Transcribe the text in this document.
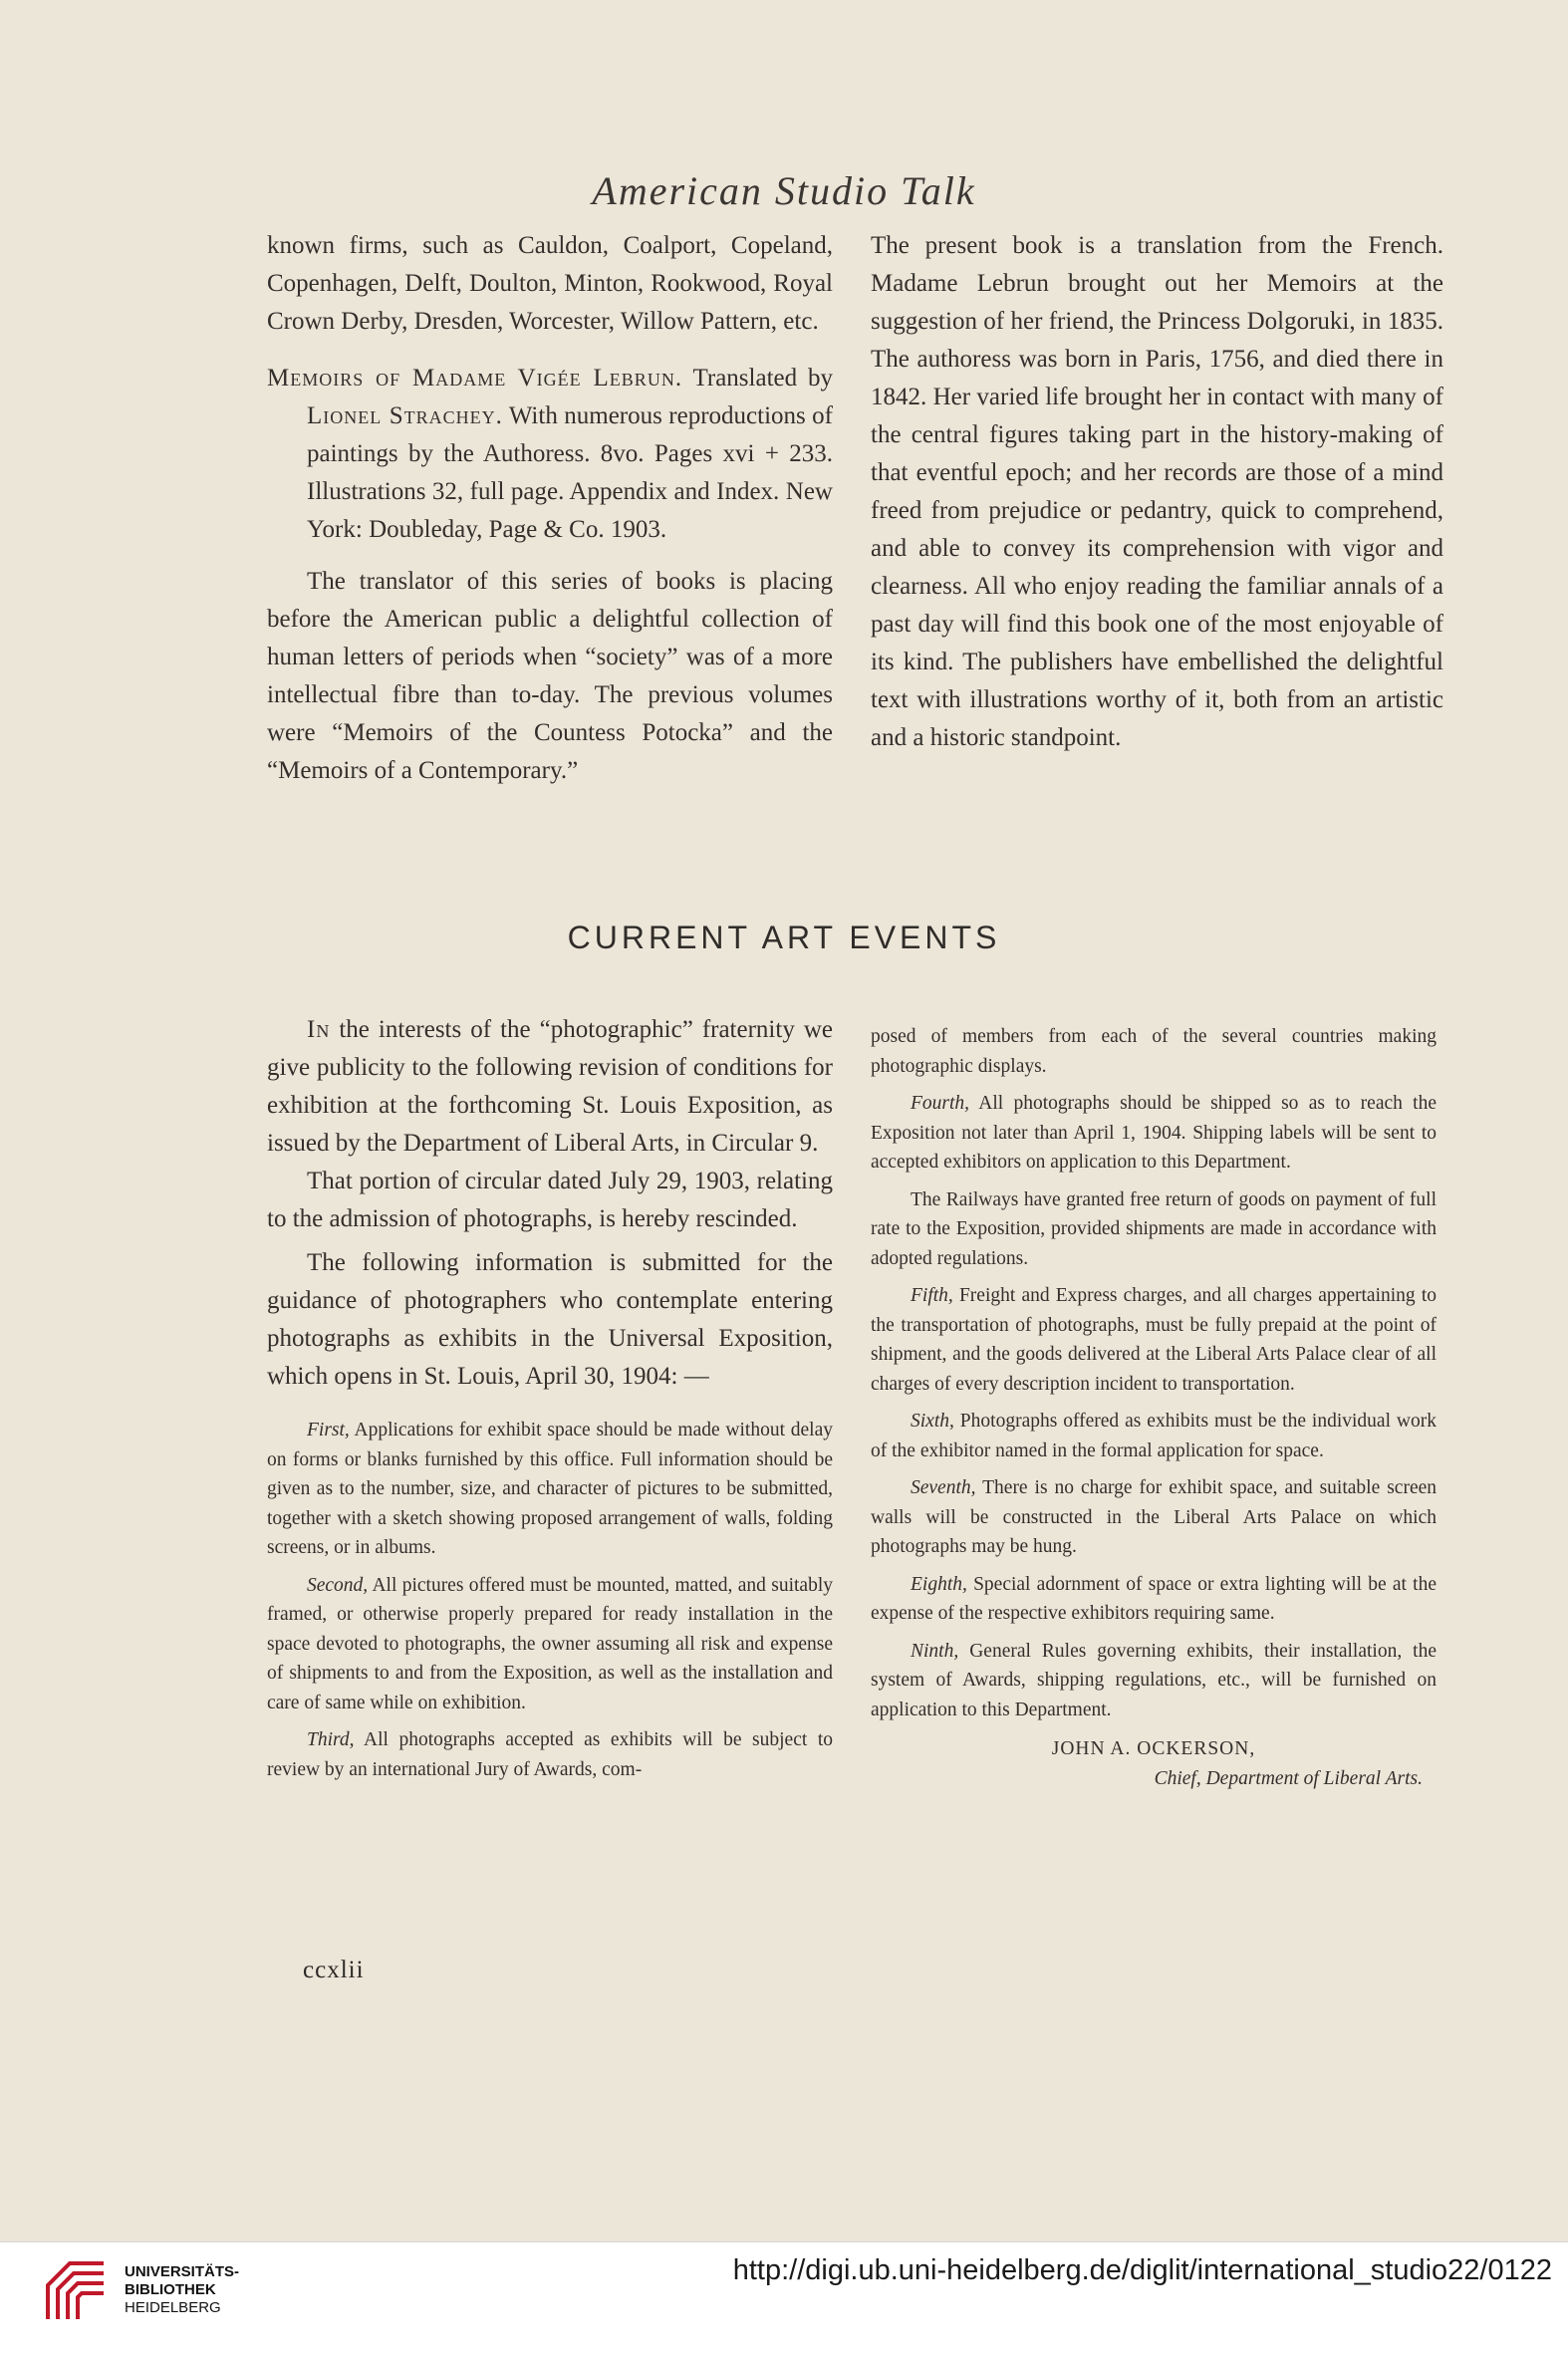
American Studio Talk

known firms, such as Cauldon, Coalport, Copeland, Copenhagen, Delft, Doulton, Minton, Rookwood, Royal Crown Derby, Dresden, Worcester, Willow Pattern, etc.

Memoirs of Madame Vigée Lebrun. Translated by Lionel Strachey. With numerous reproductions of paintings by the Authoress. 8vo. Pages xvi + 233. Illustrations 32, full page. Appendix and Index. New York: Doubleday, Page & Co. 1903.

The translator of this series of books is placing before the American public a delightful collection of human letters of periods when “society” was of a more intellectual fibre than to-day. The previous volumes were “Memoirs of the Countess Potocka” and the “Memoirs of a Contemporary.”

The present book is a translation from the French. Madame Lebrun brought out her Memoirs at the suggestion of her friend, the Princess Dolgoruki, in 1835. The authoress was born in Paris, 1756, and died there in 1842. Her varied life brought her in contact with many of the central figures taking part in the history-making of that eventful epoch; and her records are those of a mind freed from prejudice or pedantry, quick to comprehend, and able to convey its comprehension with vigor and clearness. All who enjoy reading the familiar annals of a past day will find this book one of the most enjoyable of its kind. The publishers have embellished the delightful text with illustrations worthy of it, both from an artistic and a historic standpoint.

CURRENT ART EVENTS

In the interests of the “photographic” fraternity we give publicity to the following revision of conditions for exhibition at the forthcoming St. Louis Exposition, as issued by the Department of Liberal Arts, in Circular 9.

That portion of circular dated July 29, 1903, relating to the admission of photographs, is hereby rescinded.

The following information is submitted for the guidance of photographers who contemplate entering photographs as exhibits in the Universal Exposition, which opens in St. Louis, April 30, 1904: —

First, Applications for exhibit space should be made without delay on forms or blanks furnished by this office. Full information should be given as to the number, size, and character of pictures to be submitted, together with a sketch showing proposed arrangement of walls, folding screens, or in albums.

Second, All pictures offered must be mounted, matted, and suitably framed, or otherwise properly prepared for ready installation in the space devoted to photographs, the owner assuming all risk and expense of shipments to and from the Exposition, as well as the installation and care of same while on exhibition.

Third, All photographs accepted as exhibits will be subject to review by an international Jury of Awards, com-

posed of members from each of the several countries making photographic displays.

Fourth, All photographs should be shipped so as to reach the Exposition not later than April 1, 1904. Shipping labels will be sent to accepted exhibitors on application to this Department.

The Railways have granted free return of goods on payment of full rate to the Exposition, provided shipments are made in accordance with adopted regulations.

Fifth, Freight and Express charges, and all charges appertaining to the transportation of photographs, must be fully prepaid at the point of shipment, and the goods delivered at the Liberal Arts Palace clear of all charges of every description incident to transportation.

Sixth, Photographs offered as exhibits must be the individual work of the exhibitor named in the formal application for space.

Seventh, There is no charge for exhibit space, and suitable screen walls will be constructed in the Liberal Arts Palace on which photographs may be hung.

Eighth, Special adornment of space or extra lighting will be at the expense of the respective exhibitors requiring same.

Ninth, General Rules governing exhibits, their installation, the system of Awards, shipping regulations, etc., will be furnished on application to this Department.

JOHN A. OCKERSON,

Chief, Department of Liberal Arts.

ccxlii
UNIVERSITÄTS-
BIBLIOTHEK
HEIDELBERG
http://digi.ub.uni-heidelberg.de/diglit/international_studio22/0122
